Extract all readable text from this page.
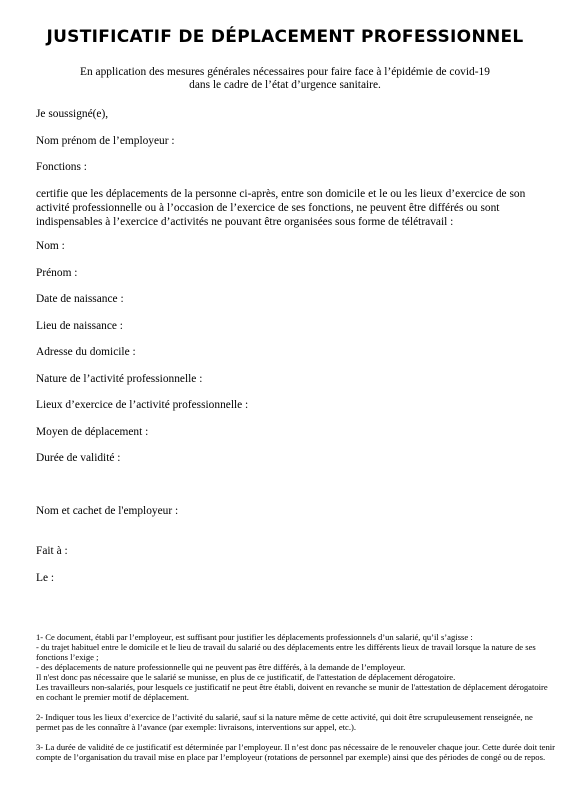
JUSTIFICATIF DE DÉPLACEMENT PROFESSIONNEL
En application des mesures générales nécessaires pour faire face à l’épidémie de covid-19
dans le cadre de l’état d’urgence sanitaire.
Je soussigné(e),
Nom prénom de l’employeur :
Fonctions :
certifie que les déplacements de la personne ci-après, entre son domicile et le ou les lieux d’exercice de son activité professionnelle ou à l’occasion de l’exercice de ses fonctions, ne peuvent être différés ou sont indispensables à l’exercice d’activités ne pouvant être organisées sous forme de télétravail :
Nom :
Prénom :
Date de naissance :
Lieu de naissance :
Adresse du domicile :
Nature de l’activité professionnelle :
Lieux d’exercice de l’activité professionnelle :
Moyen de déplacement :
Durée de validité :
Nom et cachet de l'employeur :
Fait à :
Le :

1- Ce document, établi par l’employeur, est suffisant pour justifier les déplacements professionnels d’un salarié, qu’il s’agisse :

- du trajet habituel entre le domicile et le lieu de travail du salarié ou des déplacements entre les différents lieux de travail lorsque la nature de ses fonctions l’exige ;

- des déplacements de nature professionnelle qui ne peuvent pas être différés, à la demande de l’employeur.

Il n'est donc pas nécessaire que le salarié se munisse, en plus de ce justificatif, de l'attestation de déplacement dérogatoire.

Les travailleurs non-salariés, pour lesquels ce justificatif ne peut être établi, doivent en revanche se munir de l'attestation de déplacement dérogatoire en cochant le premier motif de déplacement.

2- Indiquer tous les lieux d’exercice de l’activité du salarié, sauf si la nature même de cette activité, qui doit être scrupuleusement renseignée, ne permet pas de les connaître à l’avance (par exemple: livraisons, interventions sur appel, etc.).

3- La durée de validité de ce justificatif est déterminée par l’employeur. Il n’est donc pas nécessaire de le renouveler chaque jour. Cette durée doit tenir compte de l’organisation du travail mise en place par l’employeur (rotations de personnel par exemple) ainsi que des périodes de congé ou de repos.
